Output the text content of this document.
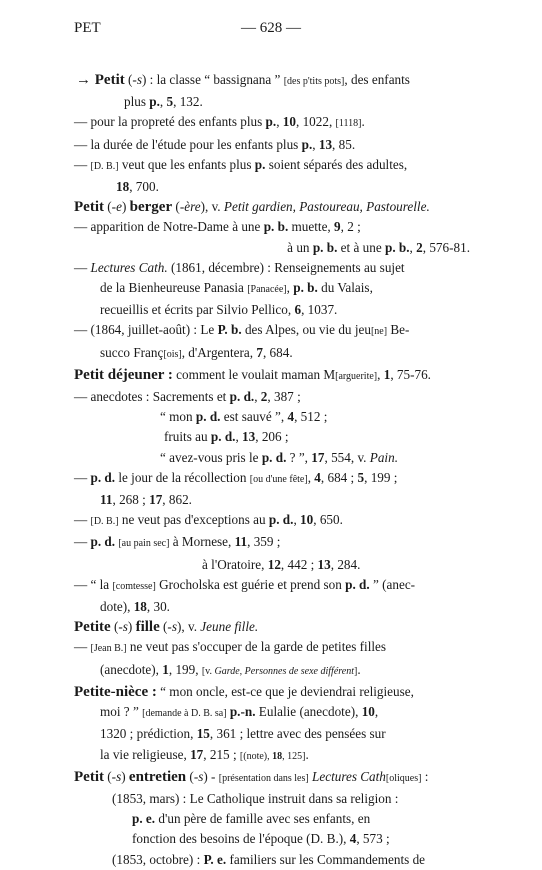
PET	— 628 —
→ Petit (-s) : la classe “ bassignana ” [des p'tits pots], des enfants
plus p., 5, 132.
— pour la propreté des enfants plus p., 10, 1022, [1118].
— la durée de l'étude pour les enfants plus p., 13, 85.
— [D. B.] veut que les enfants plus p. soient séparés des adultes,
18, 700.
Petit (-e) berger (-ère), v. Petit gardien, Pastoureau, Pastourelle.
— apparition de Notre-Dame à une p. b. muette, 9, 2 ;
à un p. b. et à une p. b., 2, 576-81.
— Lectures Cath. (1861, décembre) : Renseignements au sujet
de la Bienheureuse Panasia [Panacée], p. b. du Valais,
recueillis et écrits par Silvio Pellico, 6, 1037.
— (1864, juillet-août) : Le P. b. des Alpes, ou vie du jeu[ne] Be-
succo Franç[ois], d'Argentera, 7, 684.
Petit déjeuner : comment le voulait maman M[arguerite], 1, 75-76.
— anecdotes : Sacrements et p. d., 2, 387 ;
“ mon p. d. est sauvé ”, 4, 512 ;
fruits au p. d., 13, 206 ;
“ avez-vous pris le p. d. ? ”, 17, 554, v. Pain.
— p. d. le jour de la récollection [ou d'une fête], 4, 684 ; 5, 199 ;
11, 268 ; 17, 862.
— [D. B.] ne veut pas d'exceptions au p. d., 10, 650.
— p. d. [au pain sec] à Mornese, 11, 359 ;
à l'Oratoire, 12, 442 ; 13, 284.
— “ la [comtesse] Grocholska est guérie et prend son p. d. ” (anec-
dote), 18, 30.
Petite (-s) fille (-s), v. Jeune fille.
— [Jean B.] ne veut pas s'occuper de la garde de petites filles
(anecdote), 1, 199, [v. Garde, Personnes de sexe différent].
Petite-nièce : “ mon oncle, est-ce que je deviendrai religieuse,
moi ? ” [demande à D. B. sa] p.-n. Eulalie (anecdote), 10,
1320 ; prédiction, 15, 361 ; lettre avec des pensées sur
la vie religieuse, 17, 215 ; [(note), 18, 125].
Petit (-s) entretien (-s) - [présentation dans les] Lectures Cath[oliques] :
(1853, mars) : Le Catholique instruit dans sa religion :
p. e. d'un père de famille avec ses enfants, en
fonction des besoins de l'époque (D. B.), 4, 573 ;
(1853, octobre) : P. e. familiers sur les Commandements de
